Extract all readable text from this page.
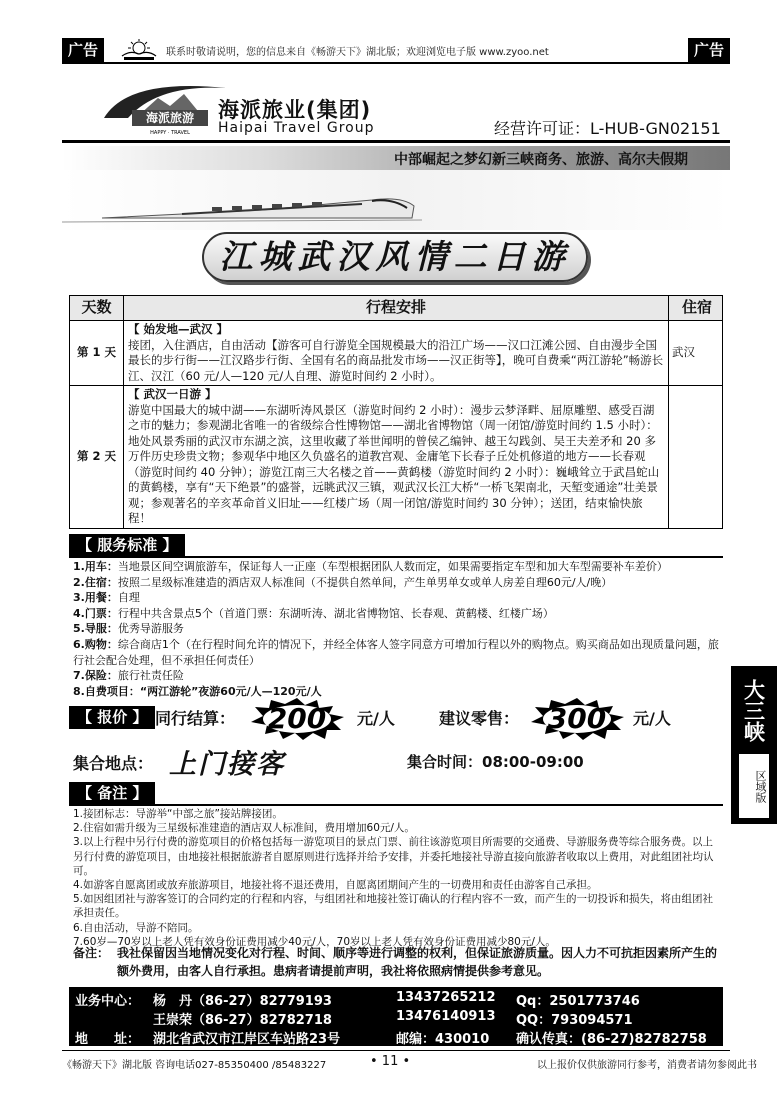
广告	联系时敬请说明，您的信息来自《畅游天下》湖北版；欢迎浏览电子版 www.zyoo.net	广告
海派旅游
HAPPY · TRAVEL
海派旅业(集团)
Haipai Travel Group	经营许可证：L-HUB-GN02151
中部崛起之梦幻新三峡商务、旅游、高尔夫假期
江城武汉风情二日游
天数	行程安排	住宿
第 1 天	【 始发地—武汉 】
接团，入住酒店，自由活动【游客可自行游览全国规模最大的沿江广场——汉口江滩公园、自由漫步全国最长的步行街——江汉路步行街、全国有名的商品批发市场——汉正街等】，晚可自费乘“两江游轮”畅游长江、汉江（60 元/人—120 元/人自理、游览时间约 2 小时）。	武汉
第 2 天	【 武汉一日游 】
游览中国最大的城中湖——东湖听涛风景区（游览时间约 2 小时）：漫步云梦泽畔、屈原雕塑、感受百湖之市的魅力；参观湖北省唯一的省级综合性博物馆——湖北省博物馆（周一闭馆/游览时间约 1.5 小时）：地处风景秀丽的武汉市东湖之滨，这里收藏了举世闻明的曾侯乙编钟、越王勾践剑、吴王夫差矛和 20 多万件历史珍贵文物；参观华中地区久负盛名的道教宫观、金庸笔下长春子丘处机修道的地方——长春观（游览时间约 40 分钟）；游览江南三大名楼之首——黄鹤楼（游览时间约 2 小时）：巍峨耸立于武昌蛇山的黄鹤楼，享有“天下绝景”的盛誉，远眺武汉三镇，观武汉长江大桥“一桥飞架南北，天堑变通途”壮美景观；参观著名的辛亥革命首义旧址——红楼广场（周一闭馆/游览时间约 30 分钟）；送团，结束愉快旅程！	

【 服务标准 】
1.用车：当地景区间空调旅游车，保证每人一正座（车型根据团队人数而定，如果需要指定车型和加大车型需要补车差价）
2.住宿：按照二星级标准建造的酒店双人标准间（不提供自然单间，产生单男单女或单人房差自理60元/人/晚）
3.用餐：自理
4.门票：行程中共含景点5个（首道门票：东湖听涛、湖北省博物馆、长春观、黄鹤楼、红楼广场）
5.导服：优秀导游服务
6.购物：综合商店1个（在行程时间允许的情况下，并经全体客人签字同意方可增加行程以外的购物点。购买商品如出现质量问题，旅行社会配合处理，但不承担任何责任）
7.保险：旅行社责任险
8.自费项目：“两江游轮”夜游60元/人—120元/人
【 报价 】 同行结算：	200	元/人	建议零售：	300	元/人
集合地点： 上门接客	集合时间：08:00-09:00
【 备注 】
1.接团标志：导游举“中部之旅”接站牌接团。
2.住宿如需升级为三星级标准建造的酒店双人标准间，费用增加60元/人。
3.以上行程中另行付费的游览项目的价格包括每一游览项目的景点门票、前往该游览项目所需要的交通费、导游服务费等综合服务费。以上另行付费的游览项目，由地接社根据旅游者自愿原则进行选择并给予安排，并委托地接社导游直接向旅游者收取以上费用，对此组团社均认可。
4.如游客自愿离团或放弃旅游项目，地接社将不退还费用，自愿离团期间产生的一切费用和责任由游客自己承担。
5.如因组团社与游客签订的合同约定的行程和内容，与组团社和地接社签订确认的行程内容不一致，而产生的一切投诉和损失，将由组团社承担责任。
6.自由活动，导游不陪同。
7.60岁—70岁以上老人凭有效身份证费用减少40元/人，70岁以上老人凭有效身份证费用减少80元/人。
备注： 我社保留因当地情况变化对行程、时间、顺序等进行调整的权利，但保证旅游质量。因人力不可抗拒因素所产生的额外费用，由客人自行承担。患病者请提前声明，我社将依照病情提供参考意见。
业务中心： 杨　丹（86-27）82779193	13437265212 Qq：2501773746
王崇荣（86-27）82782718	13476140913 QQ：793094571
地　　址： 湖北省武汉市江岸区车站路23号	邮编：430010 确认传真：(86-27)82782758
《畅游天下》湖北版 咨询电话027-85350400 /85483227	• 11 •	以上报价仅供旅游同行参考，消费者请勿参阅此书
大三峡
区域版
